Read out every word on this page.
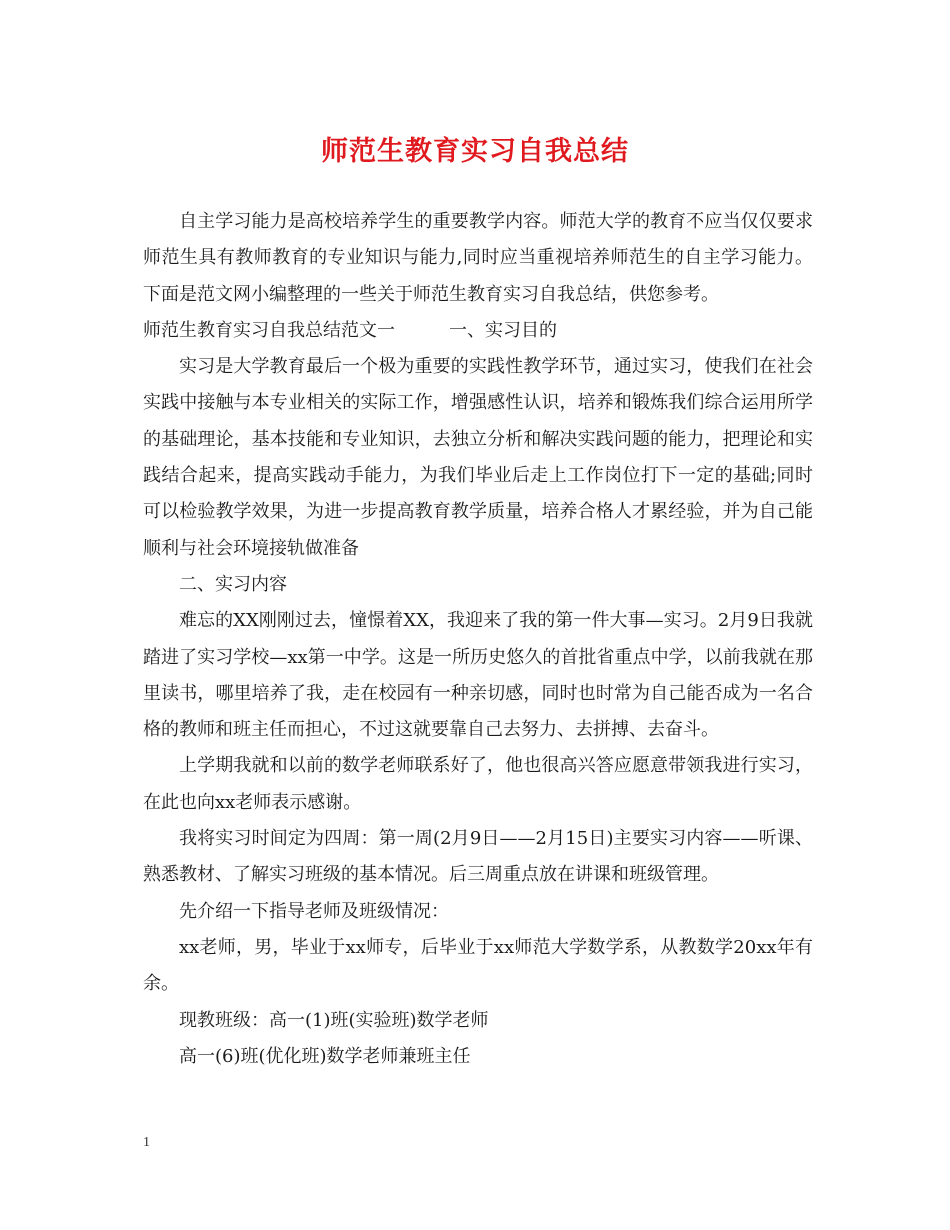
师范生教育实习自我总结

自主学习能力是高校培养学生的重要教学内容。师范大学的教育不应当仅仅要求师范生具有教师教育的专业知识与能力,同时应当重视培养师范生的自主学习能力。下面是范文网小编整理的一些关于师范生教育实习自我总结，供您参考。

师范生教育实习自我总结范文一　　　一、实习目的

实习是大学教育最后一个极为重要的实践性教学环节，通过实习，使我们在社会实践中接触与本专业相关的实际工作，增强感性认识，培养和锻炼我们综合运用所学的基础理论，基本技能和专业知识，去独立分析和解决实践问题的能力，把理论和实践结合起来，提高实践动手能力，为我们毕业后走上工作岗位打下一定的基础;同时可以检验教学效果，为进一步提高教育教学质量，培养合格人才累经验，并为自己能顺利与社会环境接轨做准备

二、实习内容

难忘的XX刚刚过去，憧憬着XX，我迎来了我的第一件大事—实习。2月9日我就踏进了实习学校—xx第一中学。这是一所历史悠久的首批省重点中学，以前我就在那里读书，哪里培养了我，走在校园有一种亲切感，同时也时常为自己能否成为一名合格的教师和班主任而担心，不过这就要靠自己去努力、去拼搏、去奋斗。

上学期我就和以前的数学老师联系好了，他也很高兴答应愿意带领我进行实习，在此也向xx老师表示感谢。

我将实习时间定为四周：第一周(2月9日——2月15日)主要实习内容——听课、熟悉教材、了解实习班级的基本情况。后三周重点放在讲课和班级管理。

先介绍一下指导老师及班级情况：

xx老师，男，毕业于xx师专，后毕业于xx师范大学数学系，从教数学20xx年有余。

现教班级：高一(1)班(实验班)数学老师

高一(6)班(优化班)数学老师兼班主任

1
